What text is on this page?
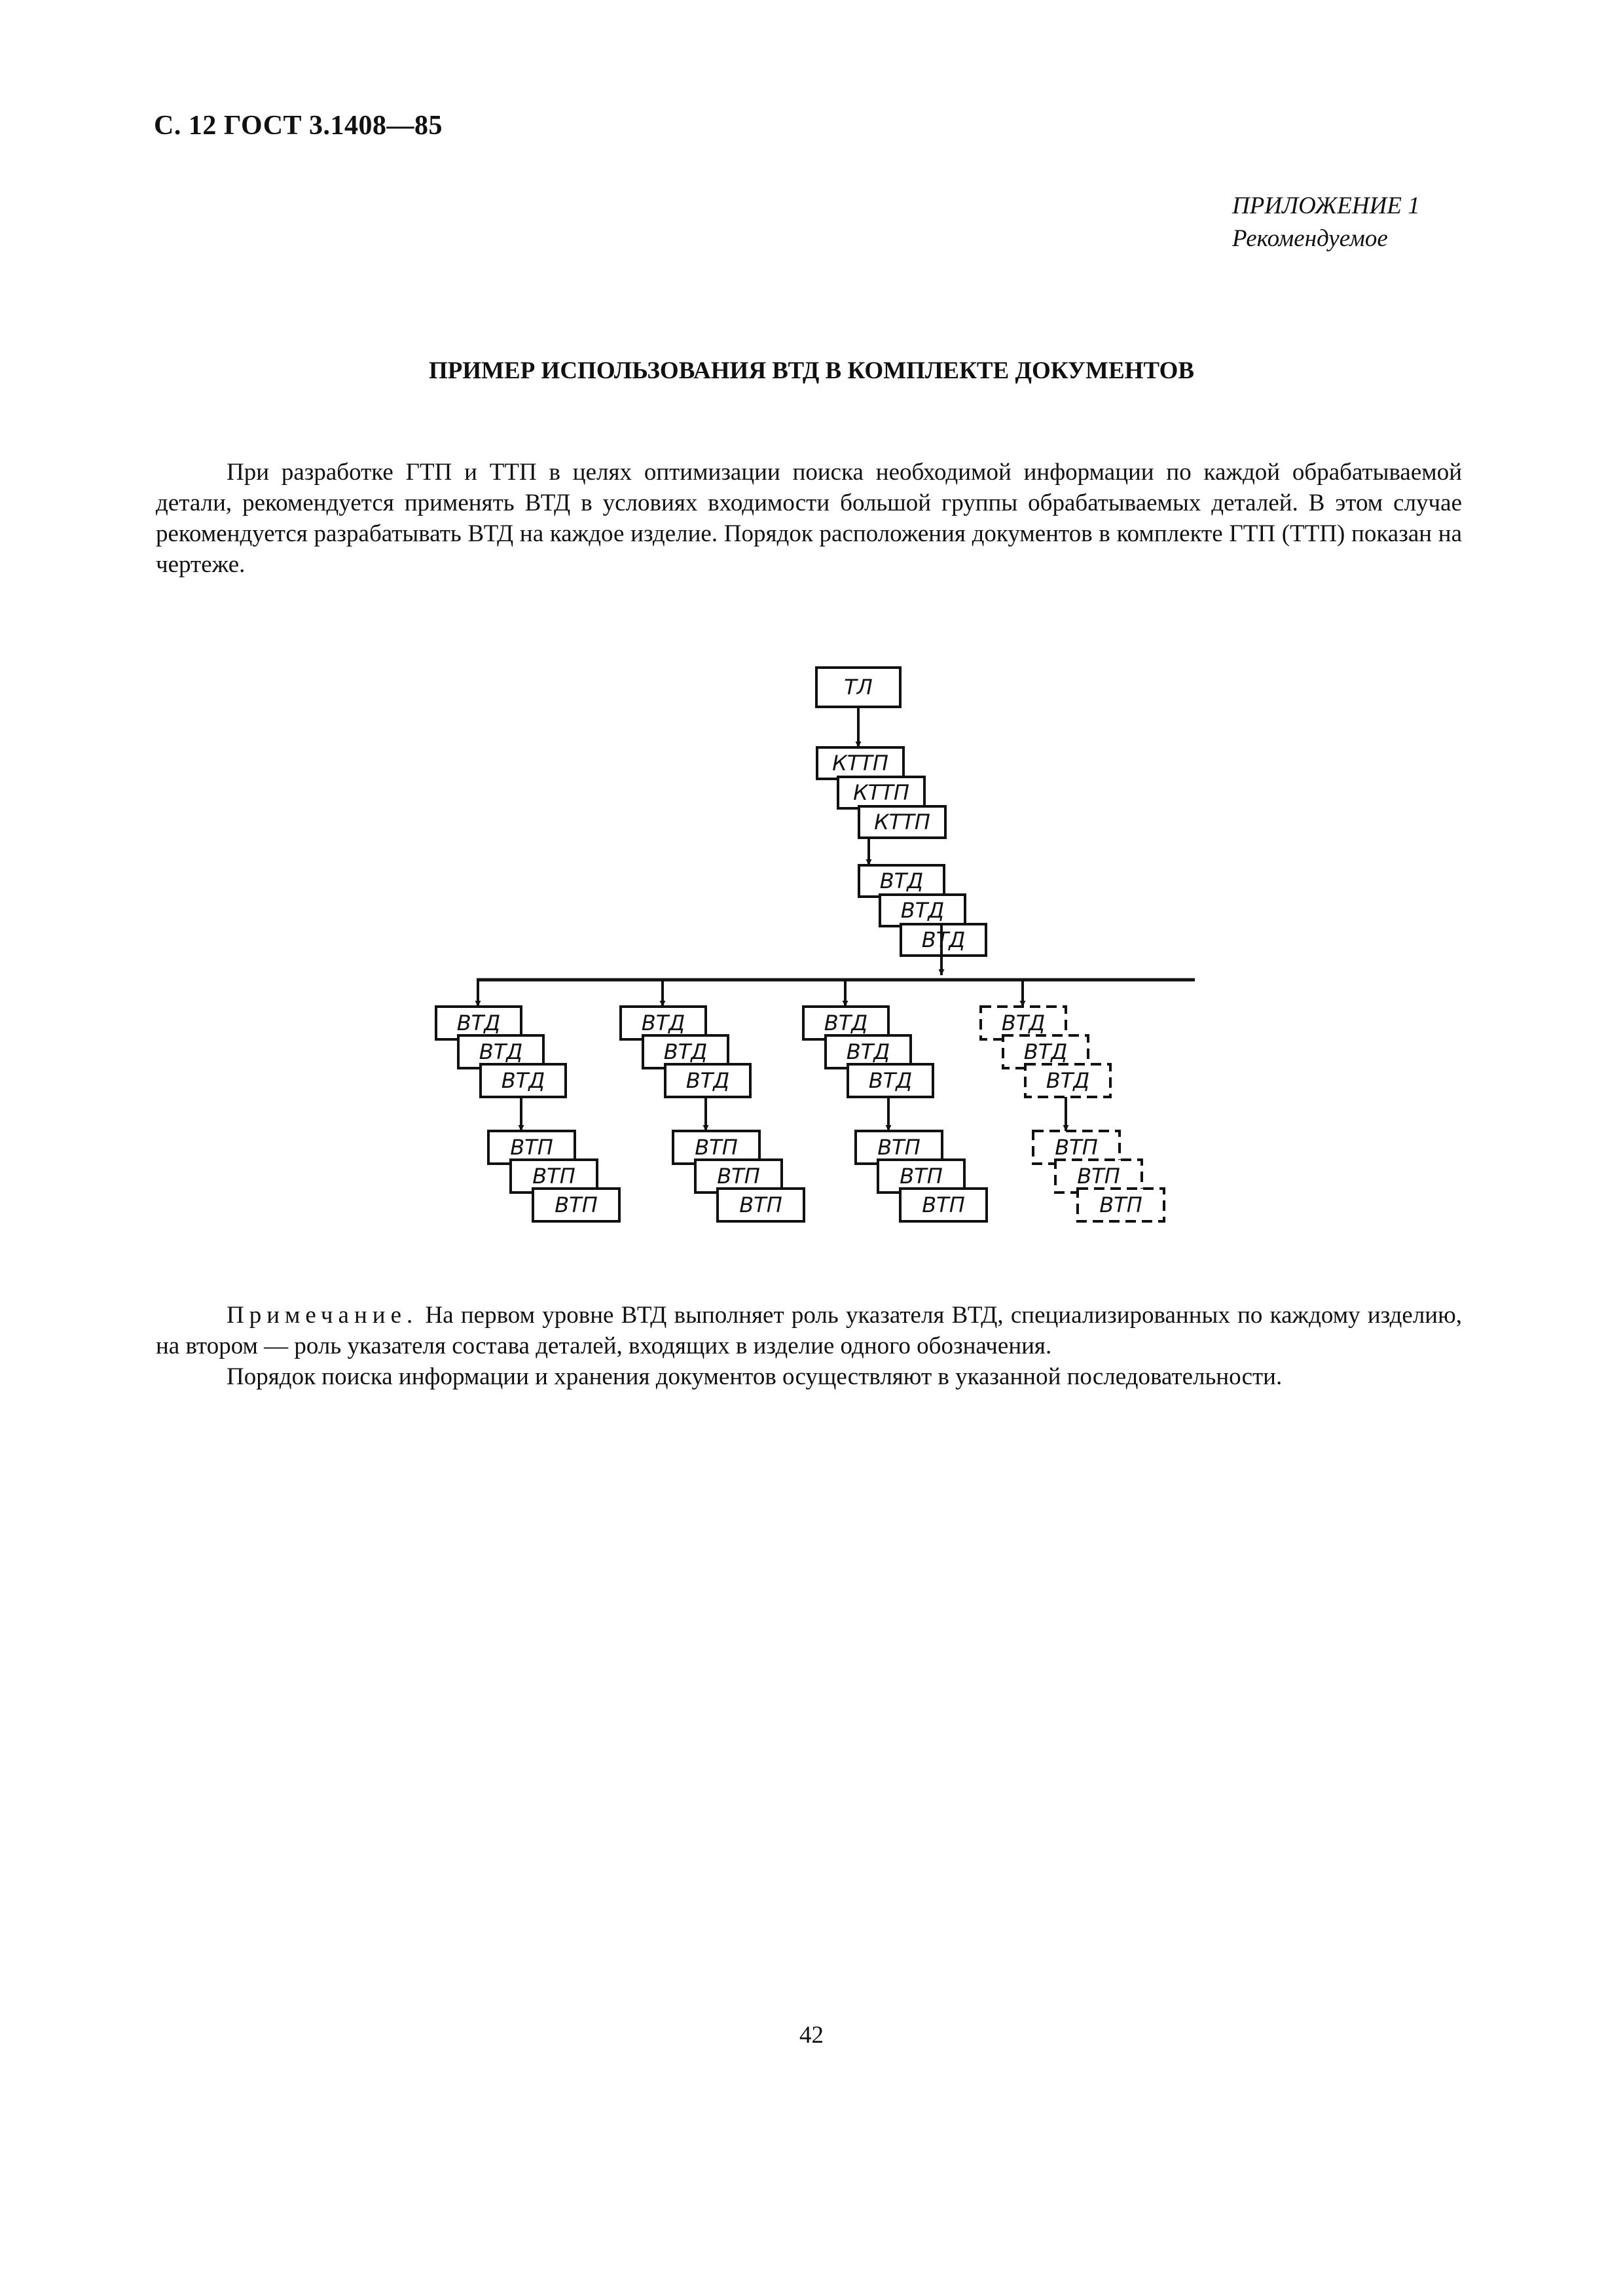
С. 12 ГОСТ 3.1408—85
ПРИЛОЖЕНИЕ 1
Рекомендуемое
ПРИМЕР ИСПОЛЬЗОВАНИЯ ВТД В КОМПЛЕКТЕ ДОКУМЕНТОВ

При разработке ГТП и ТТП в целях оптимизации поиска необходимой информации по каждой обрабатываемой детали, рекомендуется применять ВТД в условиях входимости большой группы обрабатываемых деталей. В этом случае рекомендуется разрабатывать ВТД на каждое изделие. Порядок расположения документов в комплекте ГТП (ТТП) показан на чертеже.

ТЛ
КТТП
КТТП
КТТП
ВТД
ВТД
ВТД
ВТД
ВТД
ВТД
ВТП
ВТП
ВТП
ВТД
ВТД
ВТД
ВТП
ВТП
ВТП
ВТД
ВТД
ВТД
ВТП
ВТП
ВТП
ВТД
ВТД
ВТД
ВТП
ВТП
ВТП

Примечание. На первом уровне ВТД выполняет роль указателя ВТД, специализированных по каждому изделию, на втором — роль указателя состава деталей, входящих в изделие одного обозначения.

Порядок поиска информации и хранения документов осуществляют в указанной последовательности.

42
